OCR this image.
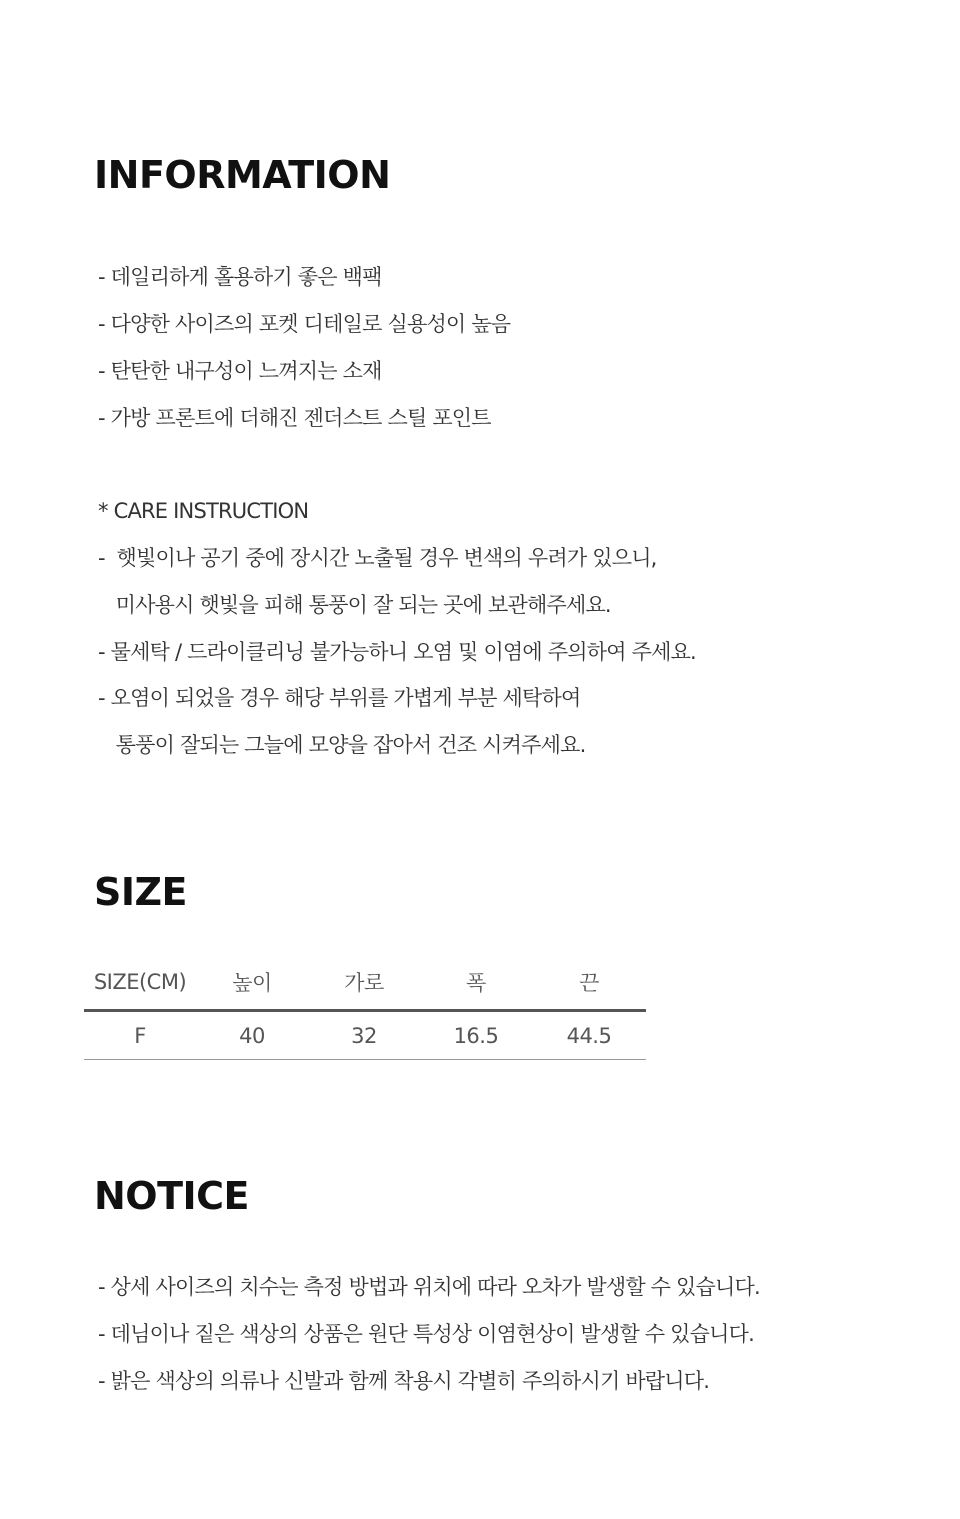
INFORMATION
- 데일리하게 홀용하기 좋은 백팩
- 다양한 사이즈의 포켓 디테일로 실용성이 높음
- 탄탄한 내구성이 느껴지는 소재
- 가방 프론트에 더해진 젠더스트 스틸 포인트
* CARE INSTRUCTION
-  햇빛이나 공기 중에 장시간 노출될 경우 변색의 우려가 있으니,
미사용시 햇빛을 피해 통풍이 잘 되는 곳에 보관해주세요.
- 물세탁 / 드라이클리닝 불가능하니 오염 및 이염에 주의하여 주세요.
- 오염이 되었을 경우 해당 부위를 가볍게 부분 세탁하여
통풍이 잘되는 그늘에 모양을 잡아서 건조 시켜주세요.
SIZE
SIZE(CM)	높이	가로	폭	끈
F	40	32	16.5	44.5
NOTICE
- 상세 사이즈의 치수는 측정 방법과 위치에 따라 오차가 발생할 수 있습니다.
- 데님이나 짙은 색상의 상품은 원단 특성상 이염현상이 발생할 수 있습니다.
- 밝은 색상의 의류나 신발과 함께 착용시 각별히 주의하시기 바랍니다.
